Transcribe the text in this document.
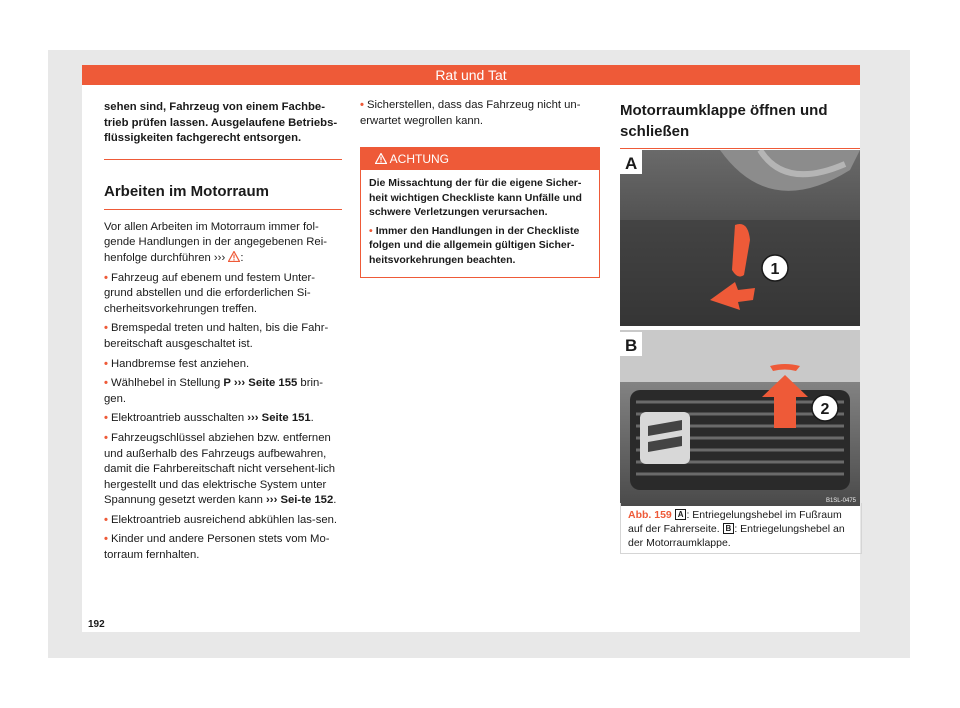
Rat und Tat

sehen sind, Fahrzeug von einem Fachbe-trieb prüfen lassen. Ausgelaufene Betriebs-flüssigkeiten fachgerecht entsorgen.

Arbeiten im Motorraum

Vor allen Arbeiten im Motorraum immer fol-gende Handlungen in der angegebenen Rei-henfolge durchführen ››› :

• Fahrzeug auf ebenem und festem Unter-grund abstellen und die erforderlichen Si-cherheitsvorkehrungen treffen.

• Bremspedal treten und halten, bis die Fahr-bereitschaft ausgeschaltet ist.

• Handbremse fest anziehen.

• Wählhebel in Stellung P ››› Seite 155 brin-gen.

• Elektroantrieb ausschalten ››› Seite 151.

• Fahrzeugschlüssel abziehen bzw. entfernen und außerhalb des Fahrzeugs aufbewahren, damit die Fahrbereitschaft nicht versehent-lich hergestellt und das elektrische System unter Spannung gesetzt werden kann ››› Sei-te 152.

• Elektroantrieb ausreichend abkühlen las-sen.

• Kinder und andere Personen stets vom Mo-torraum fernhalten.

• Sicherstellen, dass das Fahrzeug nicht un-erwartet wegrollen kann.

ACHTUNG

Die Missachtung der für die eigene Sicher-heit wichtigen Checkliste kann Unfälle und schwere Verletzungen verursachen.

• Immer den Handlungen in der Checkliste folgen und die allgemein gültigen Sicher-heitsvorkehrungen beachten.

Motorraumklappe öffnen und schließen
1
A
2
B
B1SL-0475
Abb. 159 A : Entriegelungshebel im Fußraum auf der Fahrerseite. B : Entriegelungshebel an der Motorraumklappe.
192
